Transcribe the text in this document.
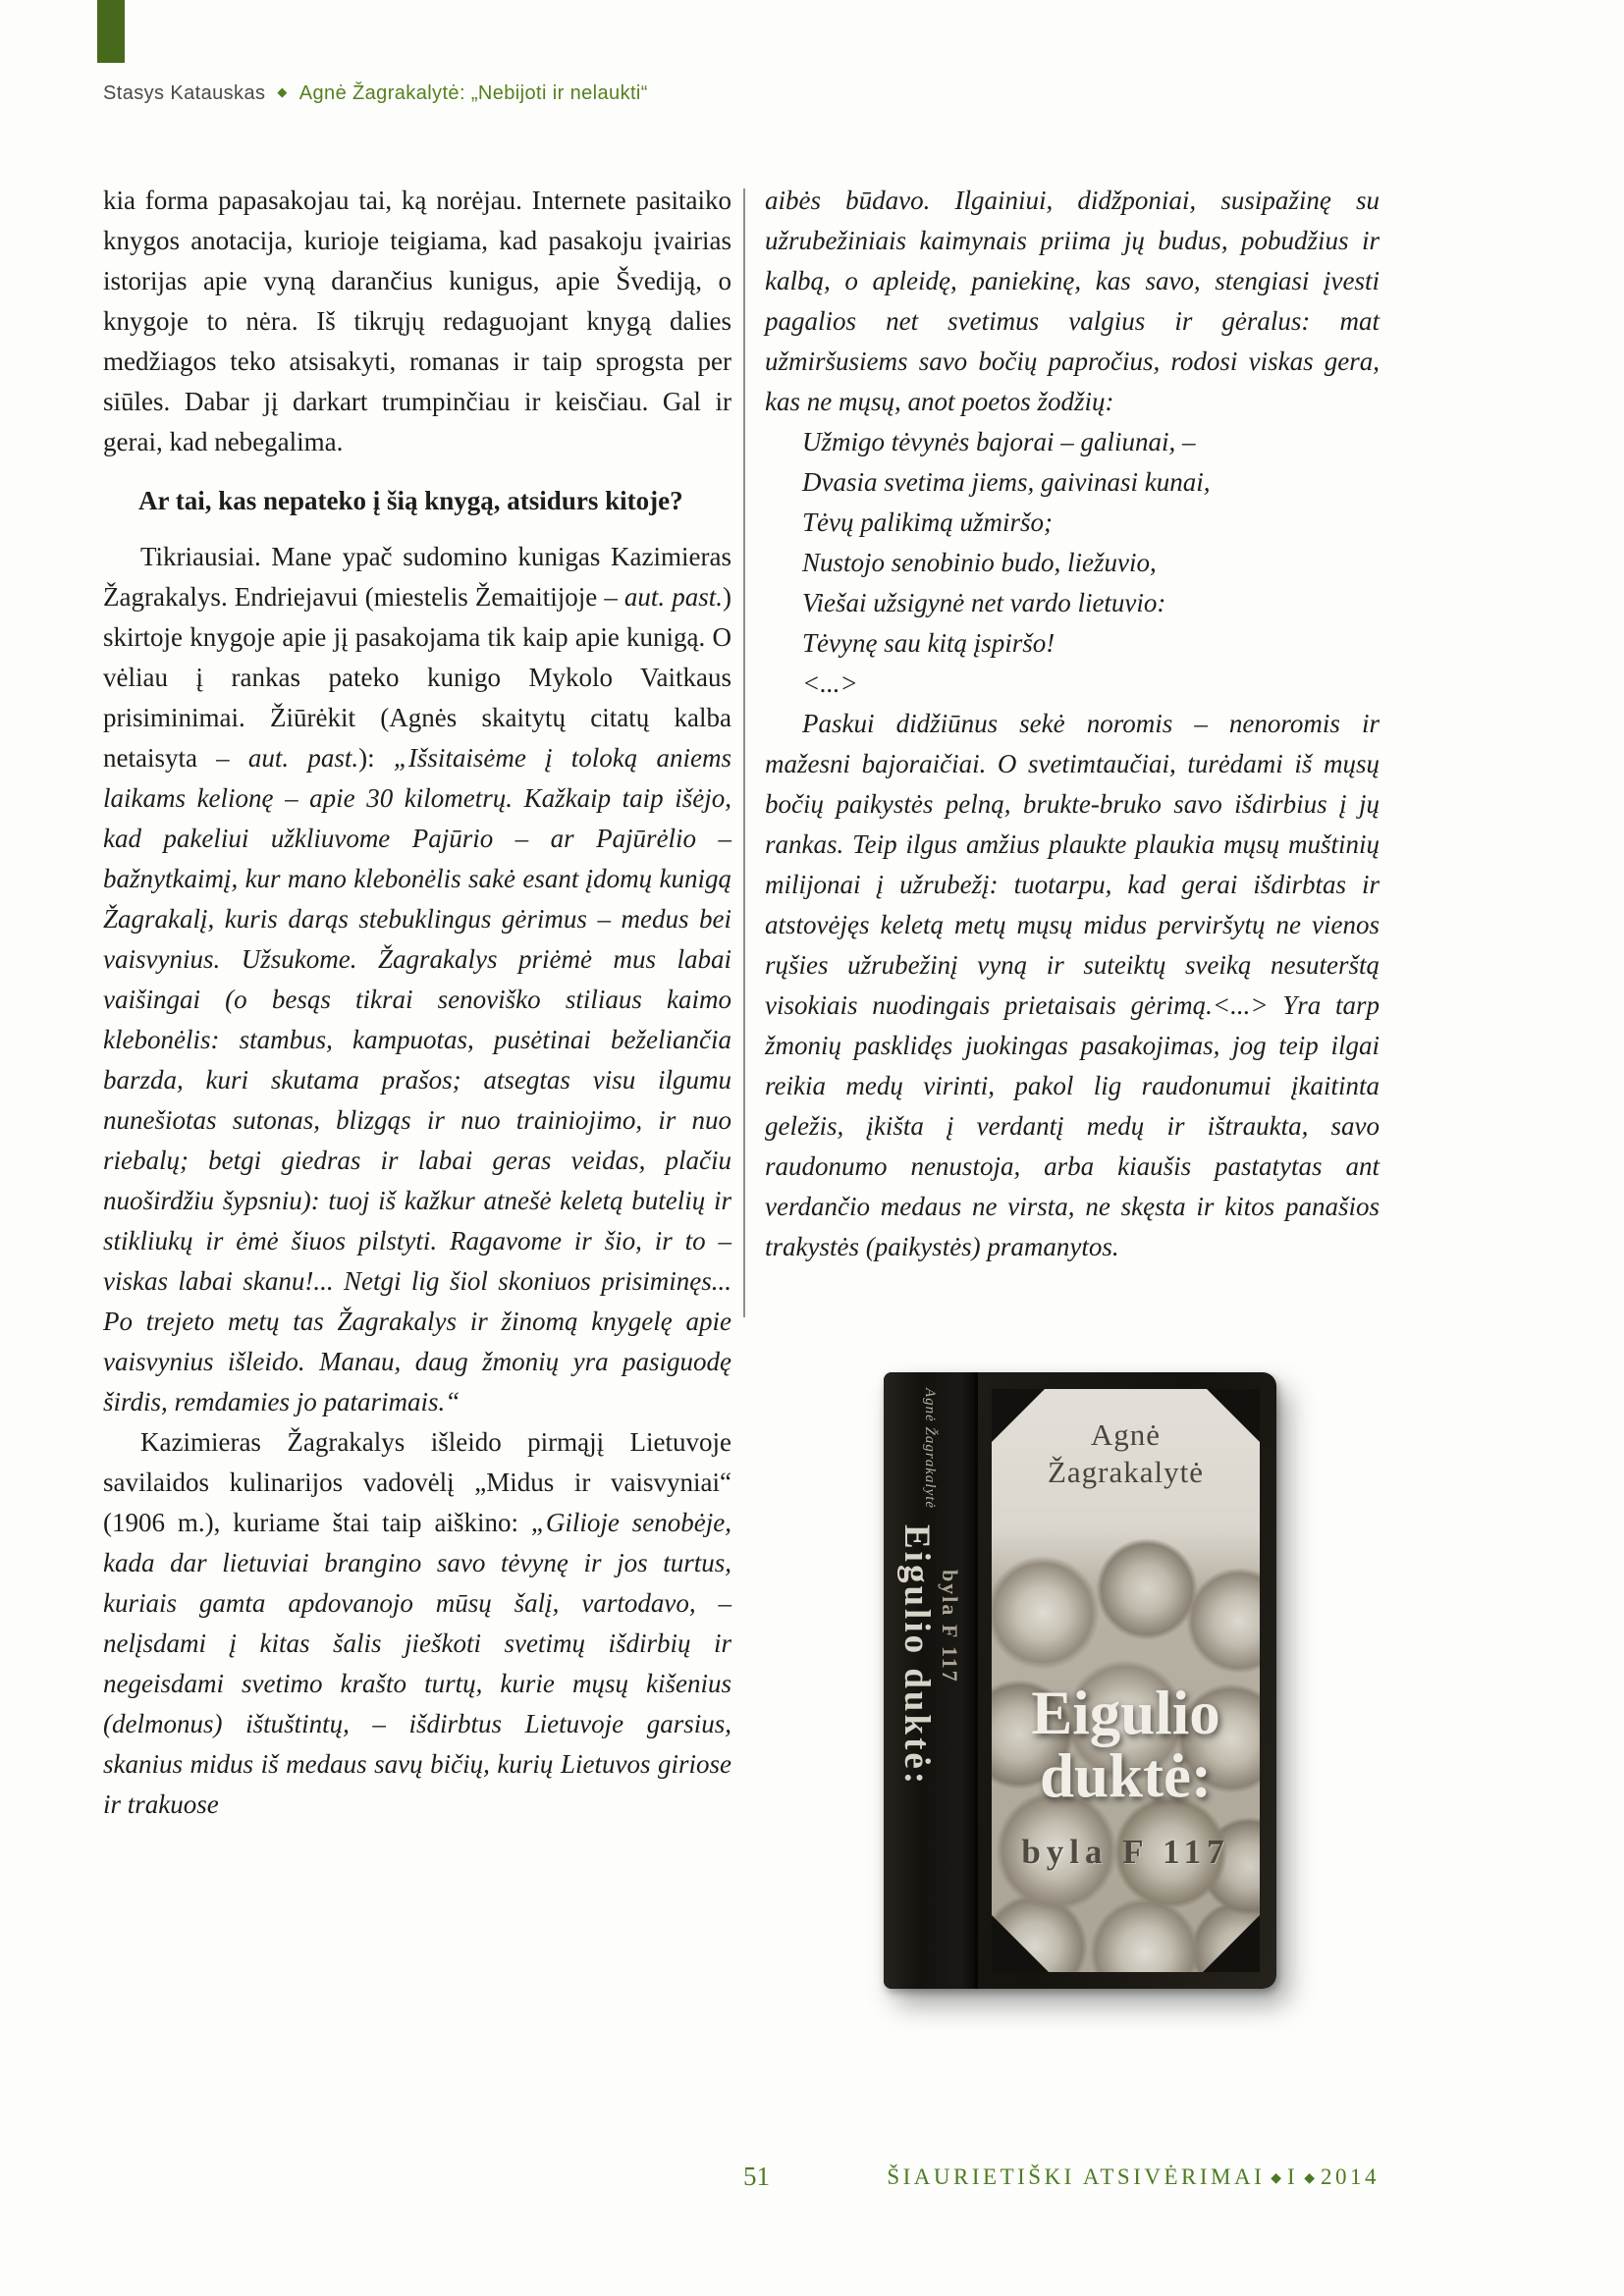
Stasys Katauskas ◆ Agnė Žagrakalytė: „Nebijoti ir nelaukti“

kia forma papasakojau tai, ką norėjau. Internete pasitaiko knygos anotacija, kurioje teigiama, kad pasakoju įvairias istorijas apie vyną darančius kunigus, apie Švediją, o knygoje to nėra. Iš tikrųjų redaguojant knygą dalies medžiagos teko atsisakyti, romanas ir taip sprogsta per siūles. Dabar jį darkart trumpinčiau ir keisčiau. Gal ir gerai, kad nebegalima.

Ar tai, kas nepateko į šią knygą, atsidurs kitoje?

Tikriausiai. Mane ypač sudomino kunigas Kazimieras Žagrakalys. Endriejavui (miestelis Žemaitijoje – aut. past.) skirtoje knygoje apie jį pasakojama tik kaip apie kunigą. O vėliau į rankas pateko kunigo Mykolo Vaitkaus prisiminimai. Žiūrėkit (Agnės skaitytų citatų kalba netaisyta – aut. past.): „Išsitaisėme į toloką aniems laikams kelionę – apie 30 kilometrų. Kažkaip taip išėjo, kad pakeliui užkliuvome Pajūrio – ar Pajūrėlio – bažnytkaimį, kur mano klebonėlis sakė esant įdomų kunigą Žagrakalį, kuris darąs stebuklingus gėrimus – medus bei vaisvynius. Užsukome. Žagrakalys priėmė mus labai vaišingai (o besąs tikrai senoviško stiliaus kaimo klebonėlis: stambus, kampuotas, pusėtinai beželiančia barzda, kuri skutama prašos; atsegtas visu ilgumu nunešiotas sutonas, blizgąs ir nuo trainiojimo, ir nuo riebalų; betgi giedras ir labai geras veidas, plačiu nuoširdžiu šypsniu): tuoj iš kažkur atnešė keletą butelių ir stikliukų ir ėmė šiuos pilstyti. Ragavome ir šio, ir to – viskas labai skanu!... Netgi lig šiol skoniuos prisiminęs... Po trejeto metų tas Žagrakalys ir žinomą knygelę apie vaisvynius išleido. Manau, daug žmonių yra pasiguodę širdis, remdamies jo patarimais.“

Kazimieras Žagrakalys išleido pirmąjį Lietuvoje savilaidos kulinarijos vadovėlį „Midus ir vaisvyniai“ (1906 m.), kuriame štai taip aiškino: „Gilioje senobėje, kada dar lietuviai brangino savo tėvynę ir jos turtus, kuriais gamta apdovanojo mūsų šalį, vartodavo, – nelįsdami į kitas šalis jieškoti svetimų išdirbių ir negeisdami svetimo krašto turtų, kurie mųsų kišenius (delmonus) ištuštintų, – išdirbtus Lietuvoje garsius, skanius midus iš medaus savų bičių, kurių Lietuvos giriose ir trakuose

aibės būdavo. Ilgainiui, didžponiai, susipažinę su užrubežiniais kaimynais priima jų budus, pobudžius ir kalbą, o apleidę, paniekinę, kas savo, stengiasi įvesti pagalios net svetimus valgius ir gėralus: mat užmiršusiems savo bočių papročius, rodosi viskas gera, kas ne mųsų, anot poetos žodžių:

Užmigo tėvynės bajorai – galiunai, –
Dvasia svetima jiems, gaivinasi kunai,
Tėvų palikimą užmiršo;
Nustojo senobinio budo, liežuvio,
Viešai užsigynė net vardo lietuvio:
Tėvynę sau kitą įspiršo!
<...>

Paskui didžiūnus sekė noromis – nenoromis ir mažesni bajoraičiai. O svetimtaučiai, turėdami iš mųsų bočių paikystės pelną, brukte-bruko savo išdirbius į jų rankas. Teip ilgus amžius plaukte plaukia mųsų muštinių milijonai į užrubežį: tuotarpu, kad gerai išdirbtas ir atstovėjęs keletą metų mųsų midus perviršytų ne vienos rųšies užrubežinį vyną ir suteiktų sveiką nesuterštą visokiais nuodingais prietaisais gėrimą.<...> Yra tarp žmonių pasklidęs juokingas pasakojimas, jog teip ilgai reikia medų virinti, pakol lig raudonumui įkaitinta geležis, įkišta į verdantį medų ir ištraukta, savo raudonumo nenustoja, arba kiaušis pastatytas ant verdančio medaus ne virsta, ne skęsta ir kitos panašios trakystės (paikystės) pramanytos.

Agnė Žagrakalytė
Eigulio duktė: byla F 117
Agnė
Žagrakalytė
Eigulio
duktė:
byla F 117
51	ŠIAURIETIŠKI ATSIVĖRIMAI ◆ I ◆ 2014
